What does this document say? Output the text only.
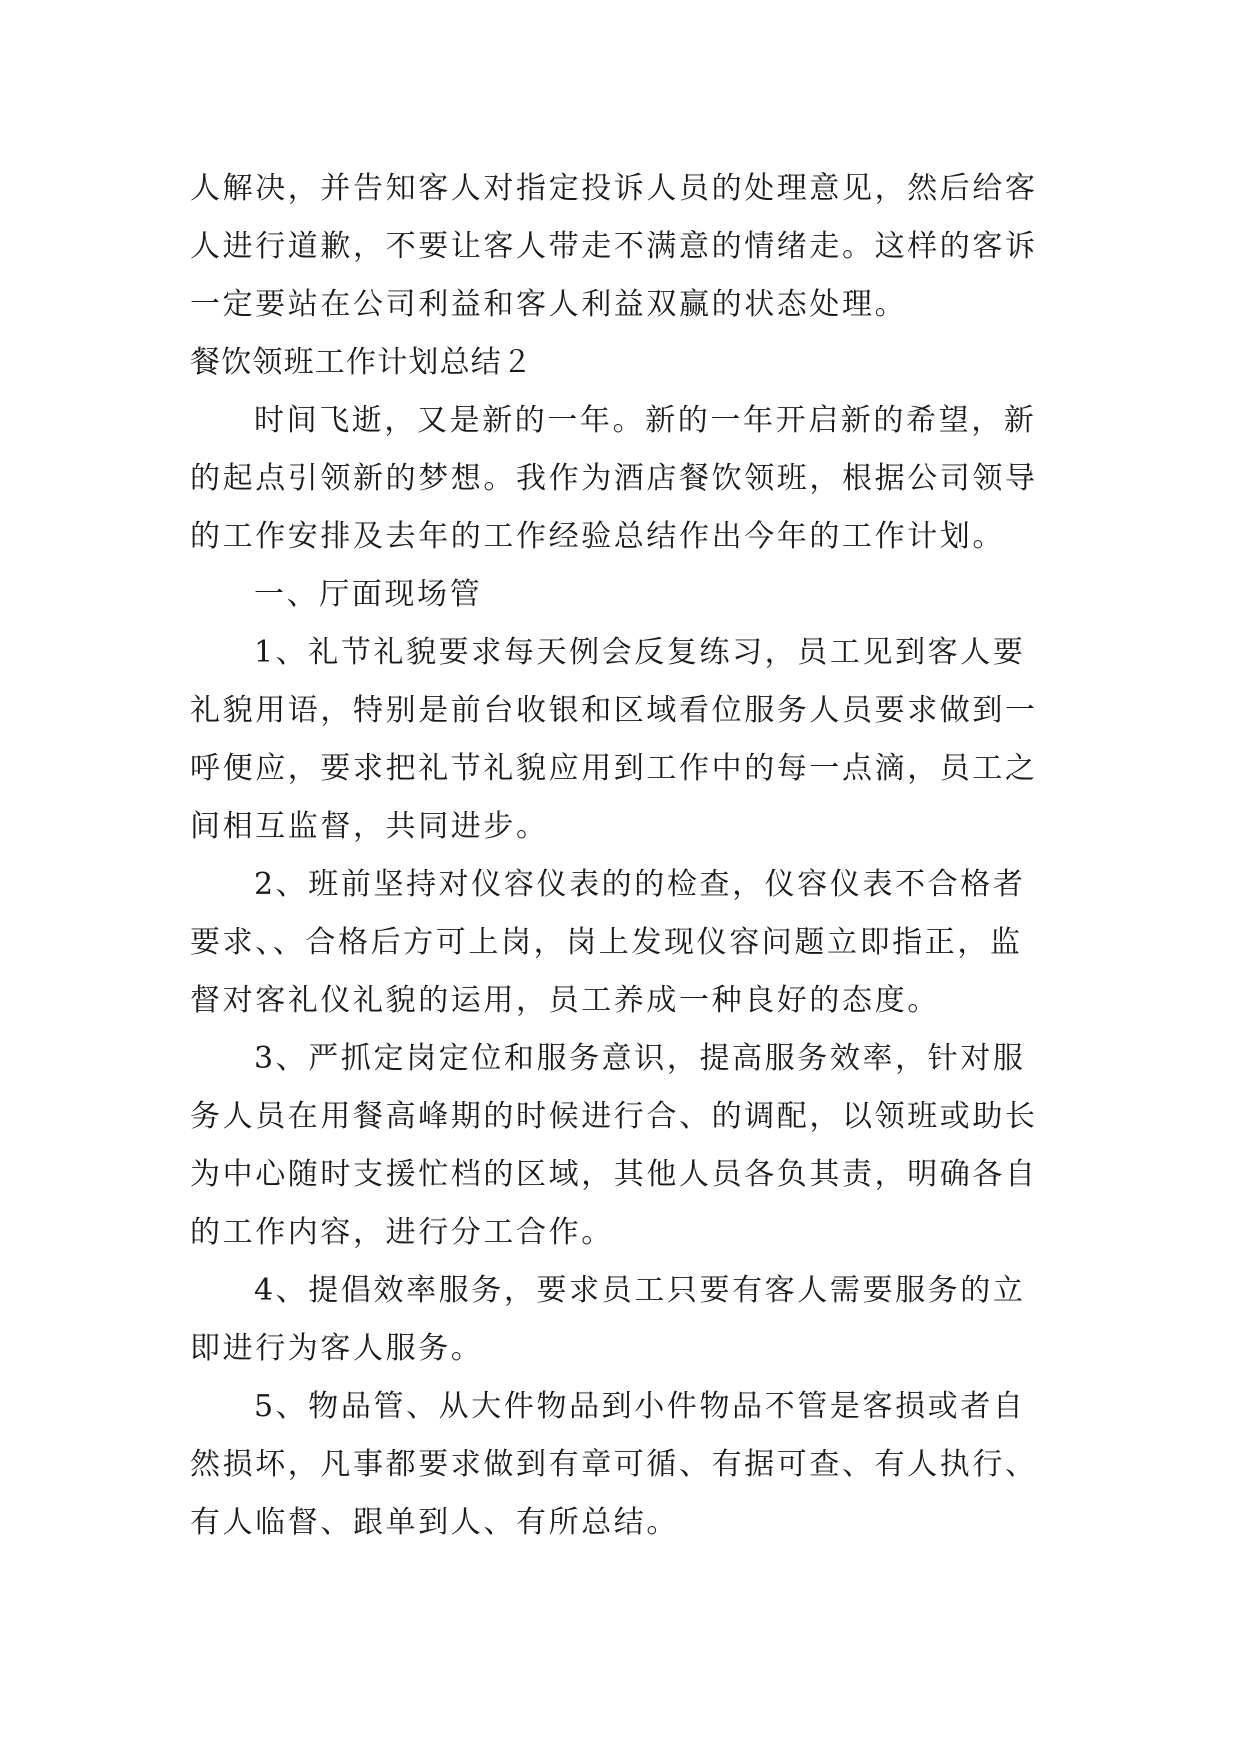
人解决，并告知客人对指定投诉人员的处理意见，然后给客
人进行道歉，不要让客人带走不满意的情绪走。这样的客诉
一定要站在公司利益和客人利益双赢的状态处理。
餐饮领班工作计划总结２
时间飞逝，又是新的一年。新的一年开启新的希望，新
的起点引领新的梦想。我作为酒店餐饮领班，根据公司领导
的工作安排及去年的工作经验总结作出今年的工作计划。
一、厅面现场管
1、礼节礼貌要求每天例会反复练习，员工见到客人要
礼貌用语，特别是前台收银和区域看位服务人员要求做到一
呼便应，要求把礼节礼貌应用到工作中的每一点滴，员工之
间相互监督，共同进步。
2、班前坚持对仪容仪表的的检查，仪容仪表不合格者
要求、、合格后方可上岗，岗上发现仪容问题立即指正，监
督对客礼仪礼貌的运用，员工养成一种良好的态度。
3、严抓定岗定位和服务意识，提高服务效率，针对服
务人员在用餐高峰期的时候进行合、的调配，以领班或助长
为中心随时支援忙档的区域，其他人员各负其责，明确各自
的工作内容，进行分工合作。
4、提倡效率服务，要求员工只要有客人需要服务的立
即进行为客人服务。
5、物品管、从大件物品到小件物品不管是客损或者自
然损坏，凡事都要求做到有章可循、有据可查、有人执行、
有人临督、跟单到人、有所总结。
